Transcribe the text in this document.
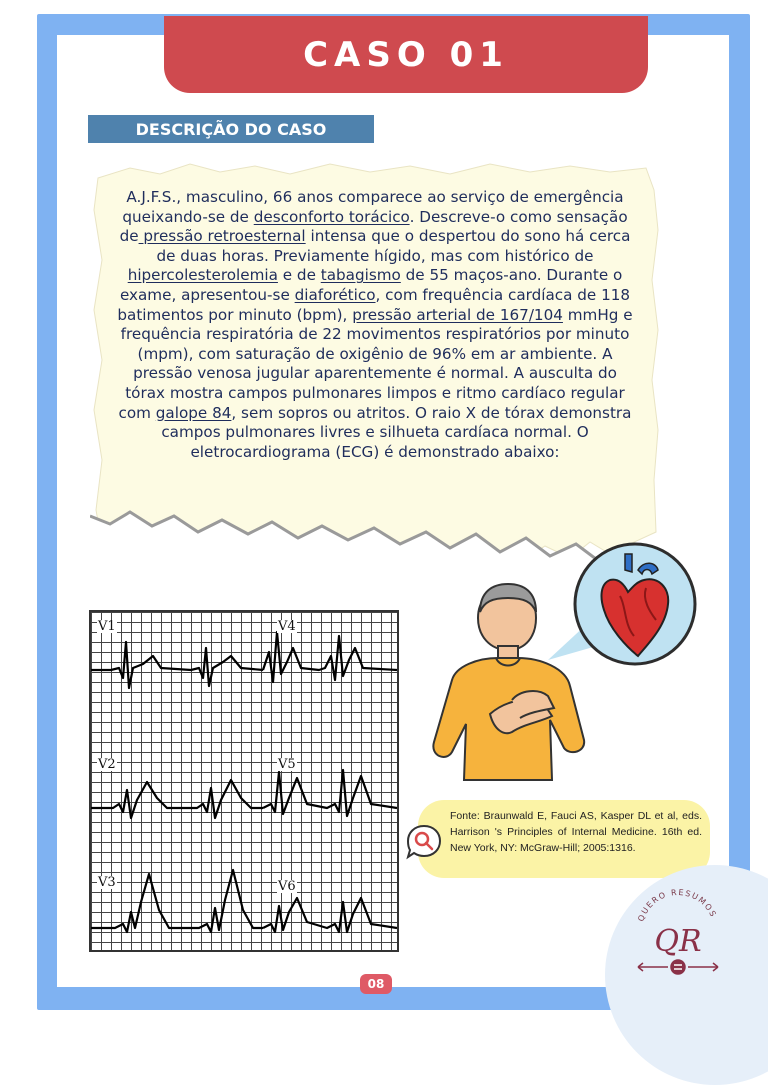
CASO 01
DESCRIÇÃO DO CASO
A.J.F.S., masculino, 66 anos comparece ao serviço de emergência queixando-se de desconforto torácico. Descreve-o como sensação de pressão retroesternal intensa que o despertou do sono há cerca de duas horas. Previamente hígido, mas com histórico de hipercolesterolemia e de tabagismo de 55 maços-ano. Durante o exame, apresentou-se diaforético, com frequência cardíaca de 118 batimentos por minuto (bpm), pressão arterial de 167/104 mmHg e frequência respiratória de 22 movimentos respiratórios por minuto (mpm), com saturação de oxigênio de 96% em ar ambiente. A pressão venosa jugular aparentemente é normal. A ausculta do tórax mostra campos pulmonares limpos e ritmo cardíaco regular com galope 84, sem sopros ou atritos. O raio X de tórax demonstra campos pulmonares livres e silhueta cardíaca normal. O eletrocardiograma (ECG) é demonstrado abaixo:
V1	V4
V2	V5
V3	V6
Fonte: Braunwald E, Fauci AS, Kasper DL et al, eds. Harrison 's Principles of Internal Medicine. 16th ed. New York, NY: McGraw-Hill; 2005:1316.
QUERO RESUMOS
QR
08
